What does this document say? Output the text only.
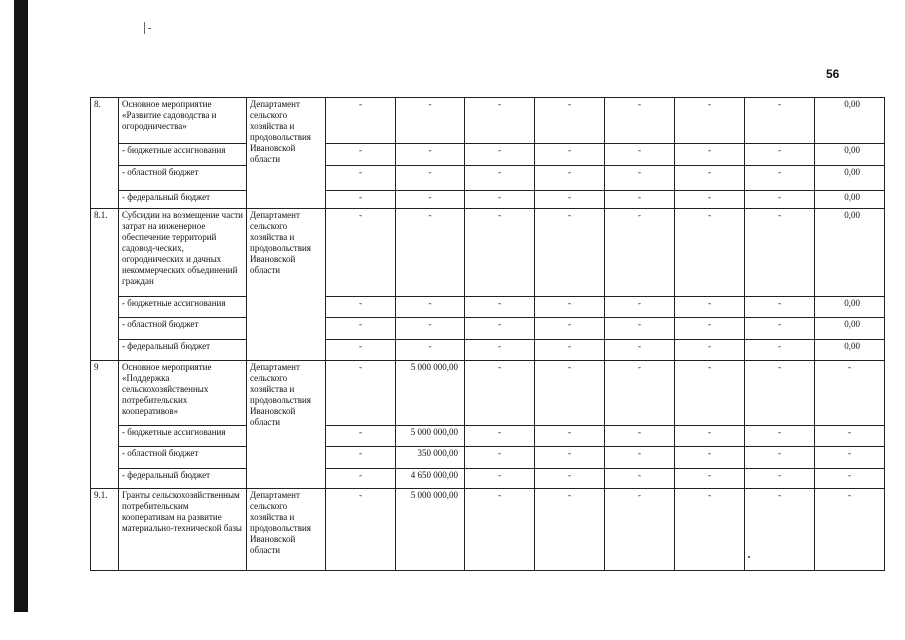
56
8.	Основное мероприятие «Развитие садоводства и огородничества»	Департамент сельского хозяйства и продовольствия Ивановской области	-	-	-	-	-	-	-	0,00
	- бюджетные ассигнования		-	-	-	-	-	-	-	0,00
	- областной бюджет		-	-	-	-	-	-	-	0,00
	- федеральный бюджет		-	-	-	-	-	-	-	0,00
8.1.	Субсидии на возмещение части затрат на инженерное обеспечение территорий садовод-ческих, огороднических и дачных некоммерческих объединений граждан	Департамент сельского хозяйства и продовольствия Ивановской области	-	-	-	-	-	-	-	0,00
	- бюджетные ассигнования		-	-	-	-	-	-	-	0,00
	- областной бюджет		-	-	-	-	-	-	-	0,00
	- федеральный бюджет		-	-	-	-	-	-	-	0,00
9	Основное мероприятие «Поддержка сельскохозяйственных потребительских кооперативов»	Департамент сельского хозяйства и продовольствия Ивановской области	-	5 000 000,00	-	-	-	-	-	-
	- бюджетные ассигнования		-	5 000 000,00	-	-	-	-	-	-
	- областной бюджет		-	350 000,00	-	-	-	-	-	-
	- федеральный бюджет		-	4 650 000,00	-	-	-	-	-	-
9.1.	Гранты сельскохозяйственным потребительским кооперативам на развитие материально-технической базы	Департамент сельского хозяйства и продовольствия Ивановской области	-	5 000 000,00	-	-	-	-	-	-
